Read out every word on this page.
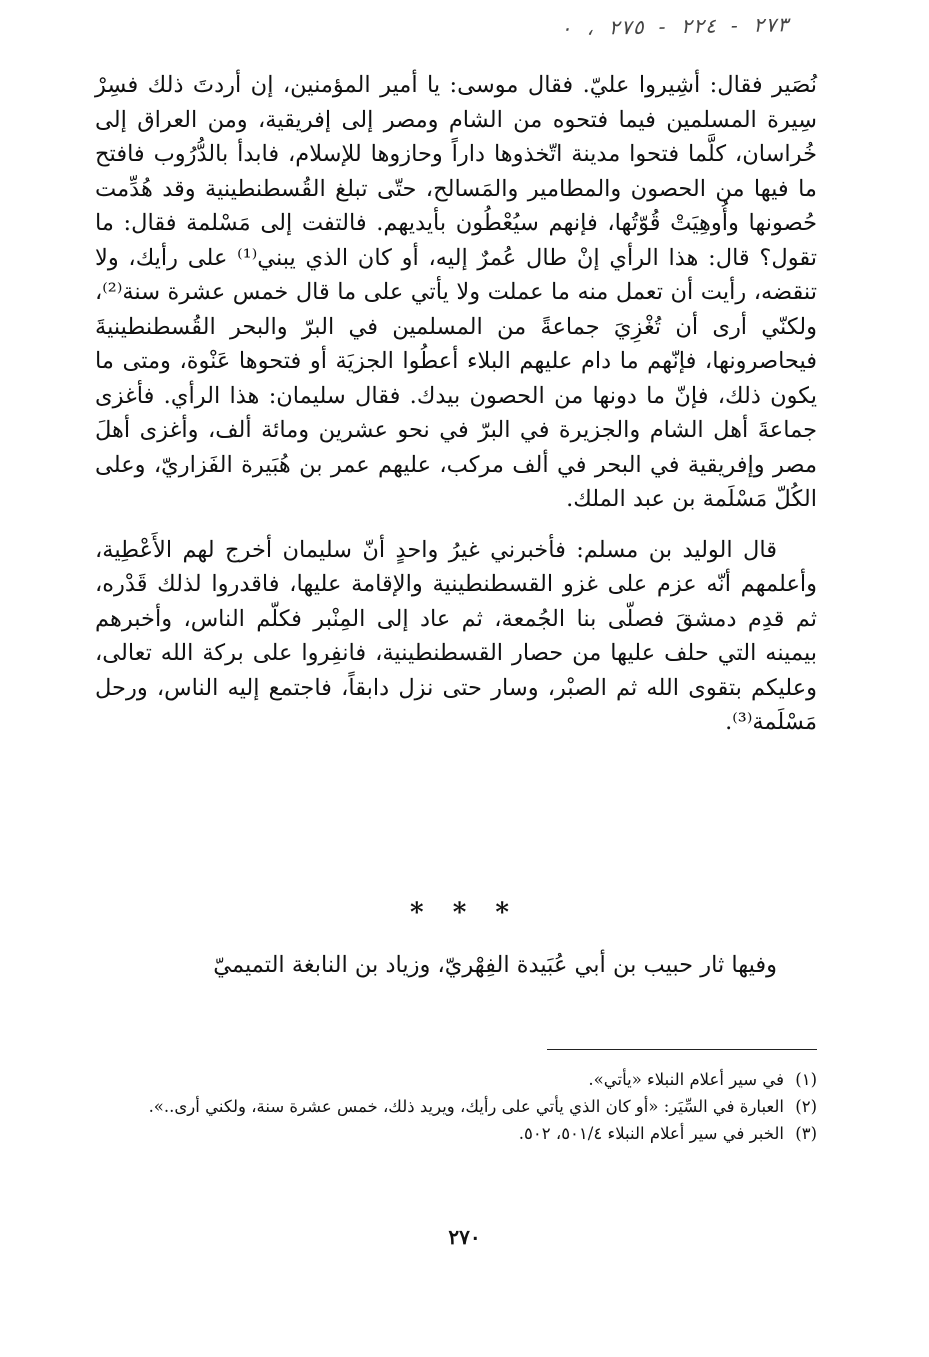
٢٧٣ - ٢٢٤ - ٢٧٥ ، ٠

نُصَير فقال: أشِيروا عليّ. فقال موسى: يا أمير المؤمنين، إن أردتَ ذلك فسِرْ سِيرة المسلمين فيما فتحوه من الشام ومصر إلى إفريقية، ومن العراق إلى خُراسان، كلَّما فتحوا مدينة اتّخذوها داراً وحازوها للإسلام، فابدأ بالدُّرُوب فافتح ما فيها من الحصون والمطامير والمَسالح، حتّى تبلغ القُسطنطينية وقد هُدِّمت حُصونها وأُوهِيَتْ قُوّتُها، فإنهم سيُعْطُون بأيديهم. فالتفت إلى مَسْلمة فقال: ما تقول؟ قال: هذا الرأي إنْ طال عُمرٌ إليه، أو كان الذي يبني⁽¹⁾ على رأيك، ولا تنقضه، رأيت أن تعمل منه ما عملت ولا يأتي على ما قال خمس عشرة سنة⁽²⁾، ولكنّي أرى أن تُغْزِيَ جماعةً من المسلمين في البرّ والبحر القُسطنطينيةَ فيحاصرونها، فإنّهم ما دام عليهم البلاء أعطُوا الجزيَة أو فتحوها عَنْوة، ومتى ما يكون ذلك، فإنّ ما دونها من الحصون بيدك. فقال سليمان: هذا الرأي. فأغزى جماعةَ أهل الشام والجزيرة في البرّ في نحو عشرين ومائة ألف، وأغزى أهلَ مصر وإفريقية في البحر في ألف مركب، عليهم عمر بن هُبَيرة الفَزاريّ، وعلى الكُلّ مَسْلَمة بن عبد الملك.

قال الوليد بن مسلم: فأخبرني غيرُ واحدٍ أنّ سليمان أخرج لهم الأَعْطِية، وأعلمهم أنّه عزم على غزو القسطنطينية والإقامة عليها، فاقدروا لذلك قَدْره، ثم قدِم دمشقَ فصلّى بنا الجُمعة، ثم عاد إلى المِنْبر فكلّم الناس، وأخبرهم بيمينه التي حلف عليها من حصار القسطنطينية، فانفِروا على بركة الله تعالى، وعليكم بتقوى الله ثم الصبْر، وسار حتى نزل دابقاً، فاجتمع إليه الناس، ورحل مَسْلَمة⁽³⁾.

* * *

وفيها ثار حبيب بن أبي عُبَيدة الفِهْريّ، وزياد بن النابغة التميميّ

(١) في سير أعلام النبلاء «يأتي».
(٢) العبارة في السِّيَر: «أو كان الذي يأتي على رأيك، ويريد ذلك، خمس عشرة سنة، ولكني أرى..».
(٣) الخبر في سير أعلام النبلاء ٥٠١/٤، ٥٠٢.
٢٧٠
